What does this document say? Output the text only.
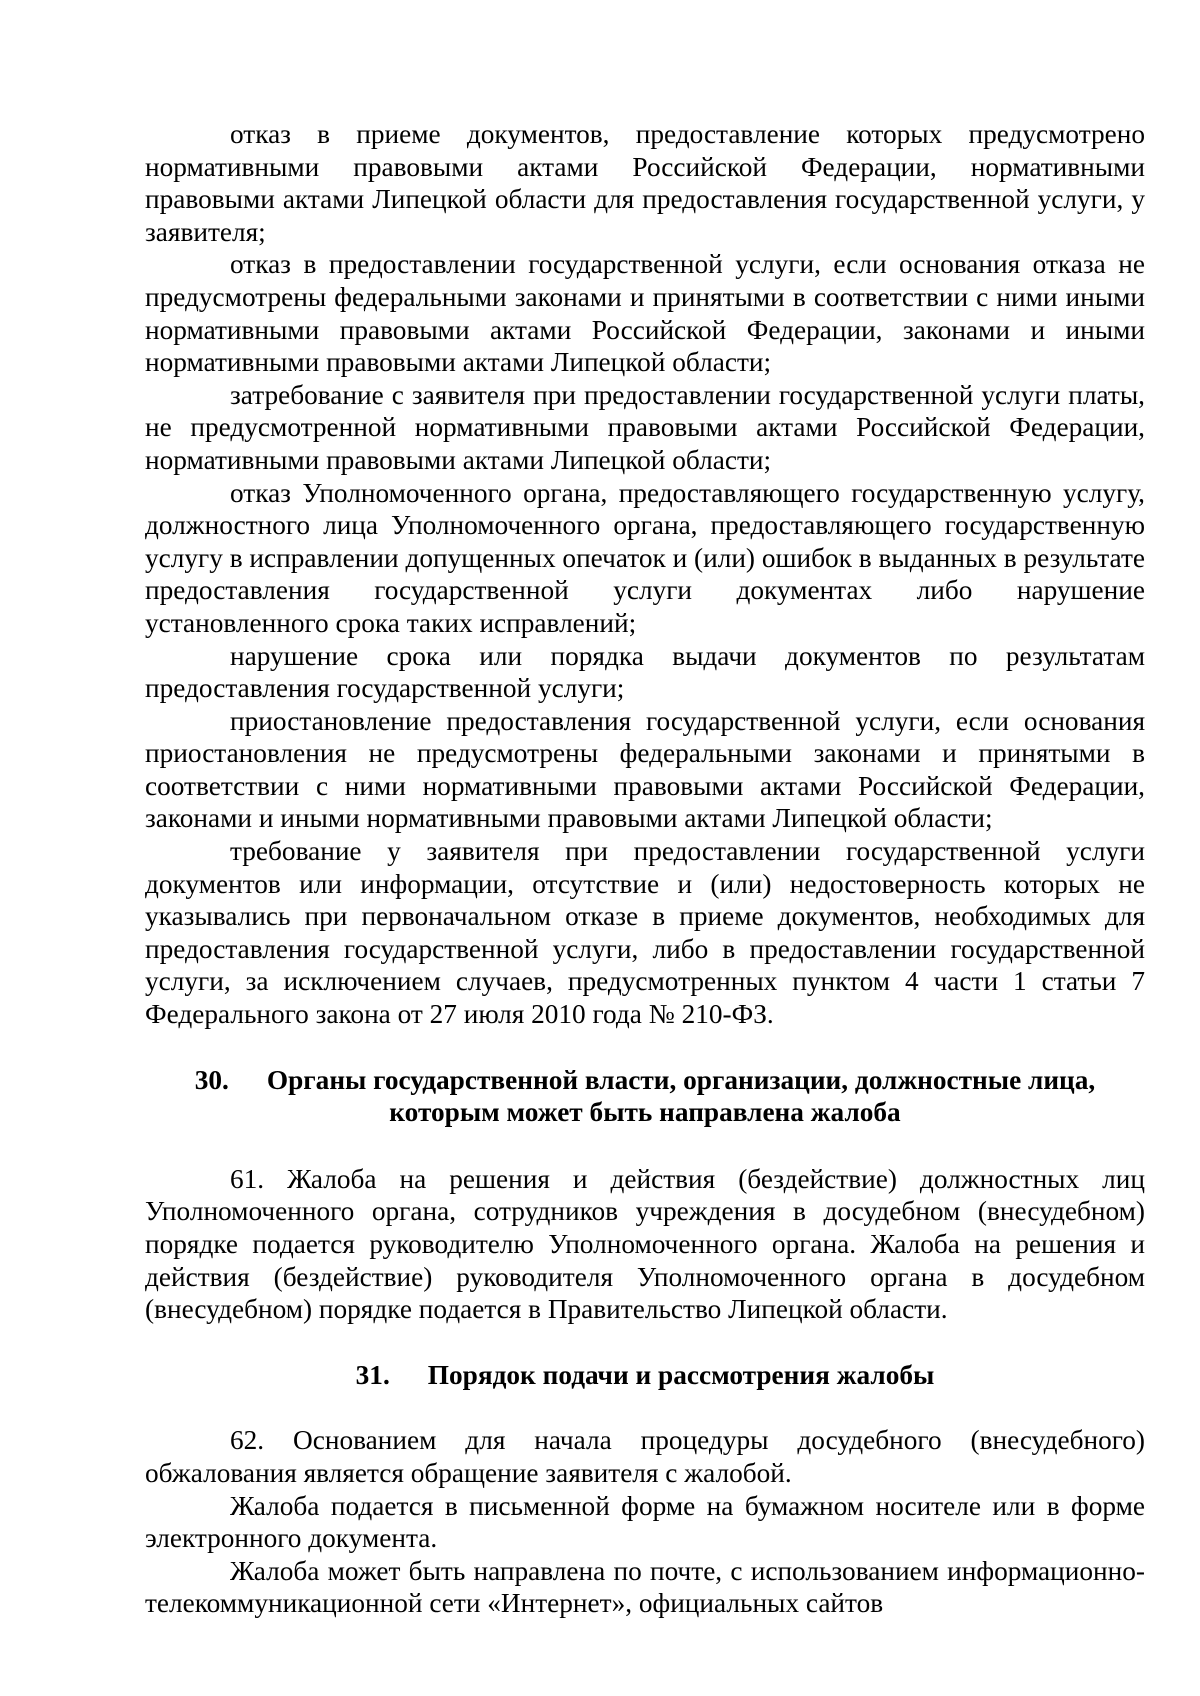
отказ в приеме документов, предоставление которых предусмотрено нормативными правовыми актами Российской Федерации, нормативными правовыми актами Липецкой области для предоставления государственной услуги, у заявителя;

отказ в предоставлении государственной услуги, если основания отказа не предусмотрены федеральными законами и принятыми в соответствии с ними иными нормативными правовыми актами Российской Федерации, законами и иными нормативными правовыми актами Липецкой области;

затребование с заявителя при предоставлении государственной услуги платы, не предусмотренной нормативными правовыми актами Российской Федерации, нормативными правовыми актами Липецкой области;

отказ Уполномоченного органа, предоставляющего государственную услугу, должностного лица Уполномоченного органа, предоставляющего государственную услугу в исправлении допущенных опечаток и (или) ошибок в выданных в результате предоставления государственной услуги документах либо нарушение установленного срока таких исправлений;

нарушение срока или порядка выдачи документов по результатам предоставления государственной услуги;

приостановление предоставления государственной услуги, если основания приостановления не предусмотрены федеральными законами и принятыми в соответствии с ними нормативными правовыми актами Российской Федерации, законами и иными нормативными правовыми актами Липецкой области;

требование у заявителя при предоставлении государственной услуги документов или информации, отсутствие и (или) недостоверность которых не указывались при первоначальном отказе в приеме документов, необходимых для предоставления государственной услуги, либо в предоставлении государственной услуги, за исключением случаев, предусмотренных пунктом 4 части 1 статьи 7 Федерального закона от 27 июля 2010 года № 210-ФЗ.

30. Органы государственной власти, организации, должностные лица,
которым может быть направлена жалоба

61. Жалоба на решения и действия (бездействие) должностных лиц Уполномоченного органа, сотрудников учреждения в досудебном (внесудебном) порядке подается руководителю Уполномоченного органа. Жалоба на решения и действия (бездействие) руководителя Уполномоченного органа в досудебном (внесудебном) порядке подается в Правительство Липецкой области.

31. Порядок подачи и рассмотрения жалобы

62. Основанием для начала процедуры досудебного (внесудебного) обжалования является обращение заявителя с жалобой.

Жалоба подается в письменной форме на бумажном носителе или в форме электронного документа.

Жалоба может быть направлена по почте, с использованием информационно-телекоммуникационной сети «Интернет», официальных сайтов
